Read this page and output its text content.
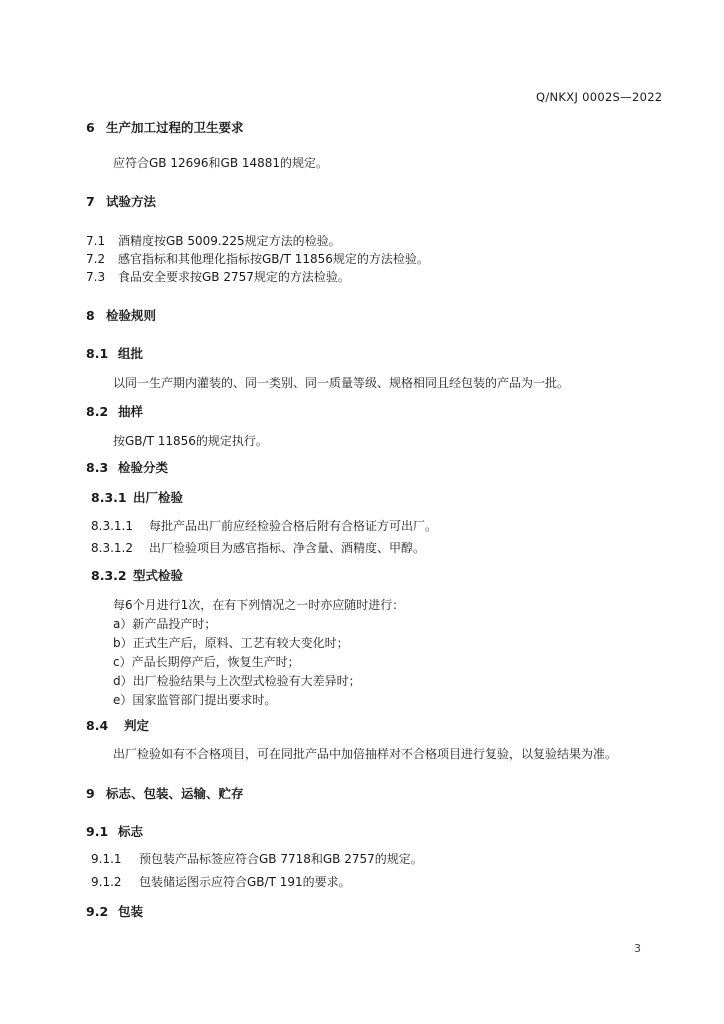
Q/NKXJ 0002S—2022
6 生产加工过程的卫生要求
应符合GB 12696和GB 14881的规定。
7 试验方法
7.1 酒精度按GB 5009.225规定方法的检验。
7.2 感官指标和其他理化指标按GB/T 11856规定的方法检验。
7.3 食品安全要求按GB 2757规定的方法检验。
8 检验规则
8.1 组批
以同一生产期内灌装的、同一类别、同一质量等级、规格相同且经包装的产品为一批。
8.2 抽样
按GB/T 11856的规定执行。
8.3 检验分类
8.3.1 出厂检验
8.3.1.1 每批产品出厂前应经检验合格后附有合格证方可出厂。
8.3.1.2 出厂检验项目为感官指标、净含量、酒精度、甲醇。
8.3.2 型式检验
每6个月进行1次，在有下列情况之一时亦应随时进行：
a）新产品投产时；
b）正式生产后，原料、工艺有较大变化时；
c）产品长期停产后，恢复生产时；
d）出厂检验结果与上次型式检验有大差异时；
e）国家监管部门提出要求时。
8.4 判定
出厂检验如有不合格项目，可在同批产品中加倍抽样对不合格项目进行复验，以复验结果为准。
9 标志、包装、运输、贮存
9.1 标志
9.1.1 预包装产品标签应符合GB 7718和GB 2757的规定。
9.1.2 包装储运图示应符合GB/T 191的要求。
9.2 包装
3
